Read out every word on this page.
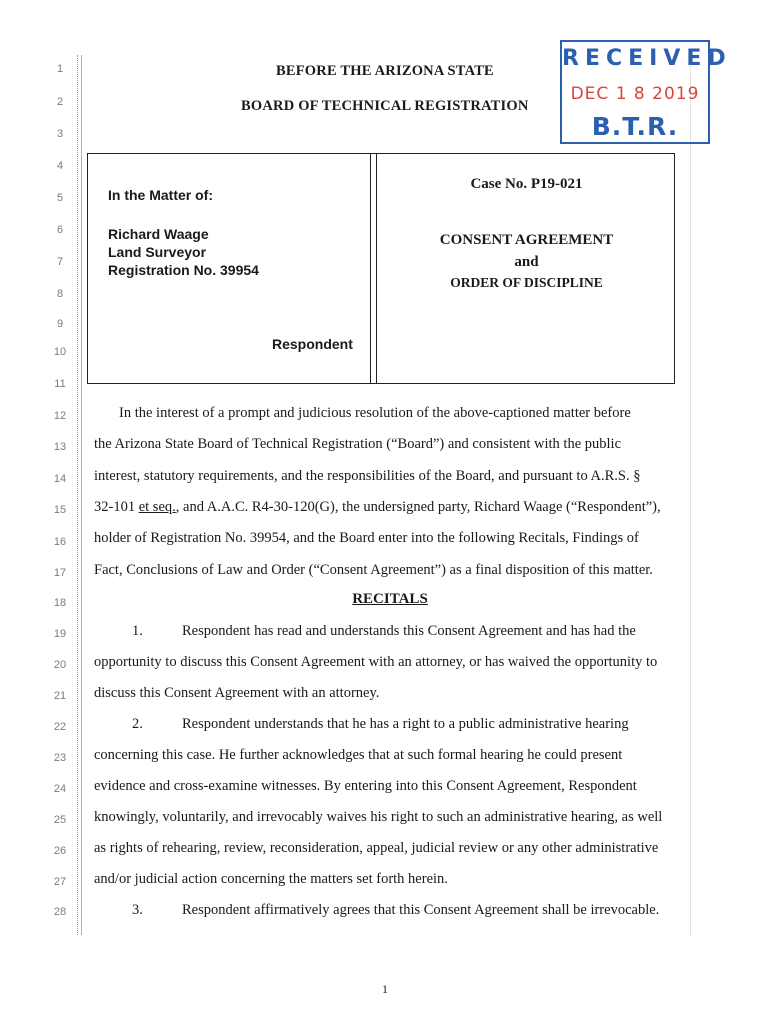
1
2
3
4
5
6
7
8
9
10
11
12
13
14
15
16
17
18
19
20
21
22
23
24
25
26
27
28
BEFORE THE ARIZONA STATE
BOARD OF TECHNICAL REGISTRATION
RECEIVED
DEC 1 8 2019
B.T.R.
In the Matter of:
Richard Waage
Land Surveyor
Registration No. 39954
Respondent
Case No. P19-021
CONSENT AGREEMENT
and
ORDER OF DISCIPLINE
In the interest of a prompt and judicious resolution of the above-captioned matter before
the Arizona State Board of Technical Registration (“Board”) and consistent with the public
interest, statutory requirements, and the responsibilities of the Board, and pursuant to A.R.S. §
32-101 et seq., and A.A.C. R4-30-120(G), the undersigned party, Richard Waage (“Respondent”),
holder of Registration No. 39954, and the Board enter into the following Recitals, Findings of
Fact, Conclusions of Law and Order (“Consent Agreement”) as a final disposition of this matter.
RECITALS
1.	Respondent has read and understands this Consent Agreement and has had the
opportunity to discuss this Consent Agreement with an attorney, or has waived the opportunity to
discuss this Consent Agreement with an attorney.
2.	Respondent understands that he has a right to a public administrative hearing
concerning this case. He further acknowledges that at such formal hearing he could present
evidence and cross-examine witnesses. By entering into this Consent Agreement, Respondent
knowingly, voluntarily, and irrevocably waives his right to such an administrative hearing, as well
as rights of rehearing, review, reconsideration, appeal, judicial review or any other administrative
and/or judicial action concerning the matters set forth herein.
3.	Respondent affirmatively agrees that this Consent Agreement shall be irrevocable.
1
